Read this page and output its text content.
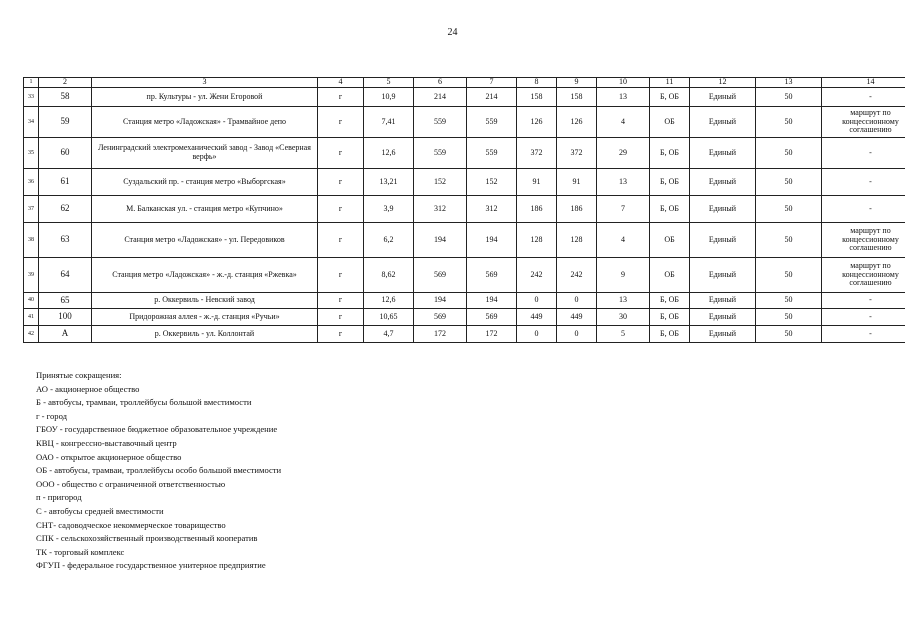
24
1	2	3	4	5	6	7	8	9	10	11	12	13	14
33	58	пр. Культуры - ул. Жени Егоровой	г	10,9	214	214	158	158	13	Б, ОБ	Единый	50	-
34	59	Станция метро «Ладожская» - Трамвайное депо	г	7,41	559	559	126	126	4	ОБ	Единый	50	маршрут по концессионному соглашению
35	60	Ленинградский электромеханический завод - Завод «Северная верфь»	г	12,6	559	559	372	372	29	Б, ОБ	Единый	50	-
36	61	Суздальский пр. - станция метро «Выборгская»	г	13,21	152	152	91	91	13	Б, ОБ	Единый	50	-
37	62	М. Балканская ул. - станция метро «Купчино»	г	3,9	312	312	186	186	7	Б, ОБ	Единый	50	-
38	63	Станция метро «Ладожская» - ул. Передовиков	г	6,2	194	194	128	128	4	ОБ	Единый	50	маршрут по концессионному соглашению
39	64	Станция метро «Ладожская» - ж.-д. станция «Ржевка»	г	8,62	569	569	242	242	9	ОБ	Единый	50	маршрут по концессионному соглашению
40	65	р. Оккервиль - Невский завод	г	12,6	194	194	0	0	13	Б, ОБ	Единый	50	-
41	100	Придорожная аллея - ж.-д. станция «Ручьи»	г	10,65	569	569	449	449	30	Б, ОБ	Единый	50	-
42	А	р. Оккервиль - ул. Коллонтай	г	4,7	172	172	0	0	5	Б, ОБ	Единый	50	-
Принятые сокращения:
АО - акционерное общество
Б - автобусы, трамваи, троллейбусы большой вместимости
г - город
ГБОУ - государственное бюджетное образовательное учреждение
КВЦ - конгрессно-выставочный центр
ОАО - открытое акционерное общество
ОБ - автобусы, трамваи, троллейбусы особо большой вместимости
ООО - общество с ограниченной ответственностью
п - пригород
С - автобусы средней вместимости
СНТ- садоводческое некоммерческое товарищество
СПК - сельскохозяйственный производственный кооператив
ТК - торговый комплекс
ФГУП - федеральное государственное унитерное предприятие
